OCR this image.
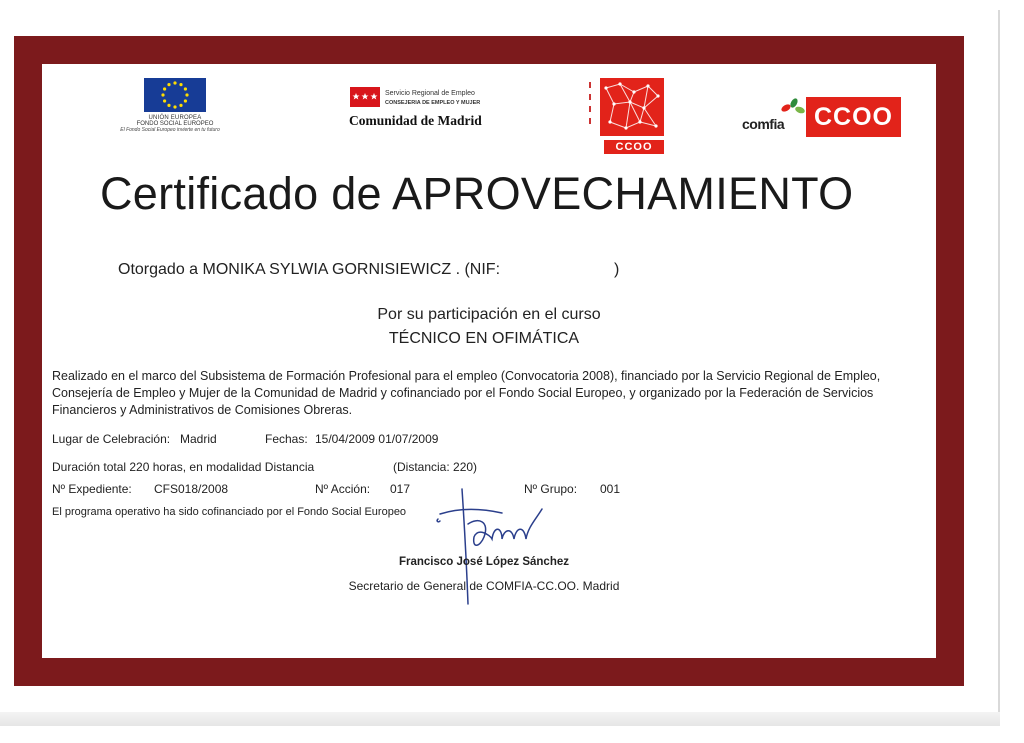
UNIÓN EUROPEA
FONDO SOCIAL EUROPEO
El Fondo Social Europeo invierte en tu futuro
Servicio Regional de Empleo
CONSEJERIA DE EMPLEO Y MUJER
Comunidad de Madrid
CCOO
comfia	CCOO
Certificado de APROVECHAMIENTO
Otorgado a MONIKA SYLWIA GORNISIEWICZ . (NIF:	)
Por su participación en el curso
TÉCNICO EN OFIMÁTICA
Realizado en el marco del Subsistema de Formación Profesional para el empleo (Convocatoria 2008), financiado por la Servicio Regional de Empleo, Consejería de Empleo y Mujer de la Comunidad de Madrid y cofinanciado por el Fondo Social Europeo, y organizado por la Federación de Servicios Financieros y Administrativos de Comisiones Obreras.
Lugar de Celebración: Madrid	Fechas: 15/04/2009 01/07/2009
Duración total 220 horas, en modalidad Distancia	(Distancia: 220)
Nº Expediente: CFS018/2008	Nº Acción: 017	Nº Grupo: 001
El programa operativo ha sido cofinanciado por el Fondo Social Europeo
Francisco José López Sánchez
Secretario de General de COMFIA-CC.OO. Madrid
